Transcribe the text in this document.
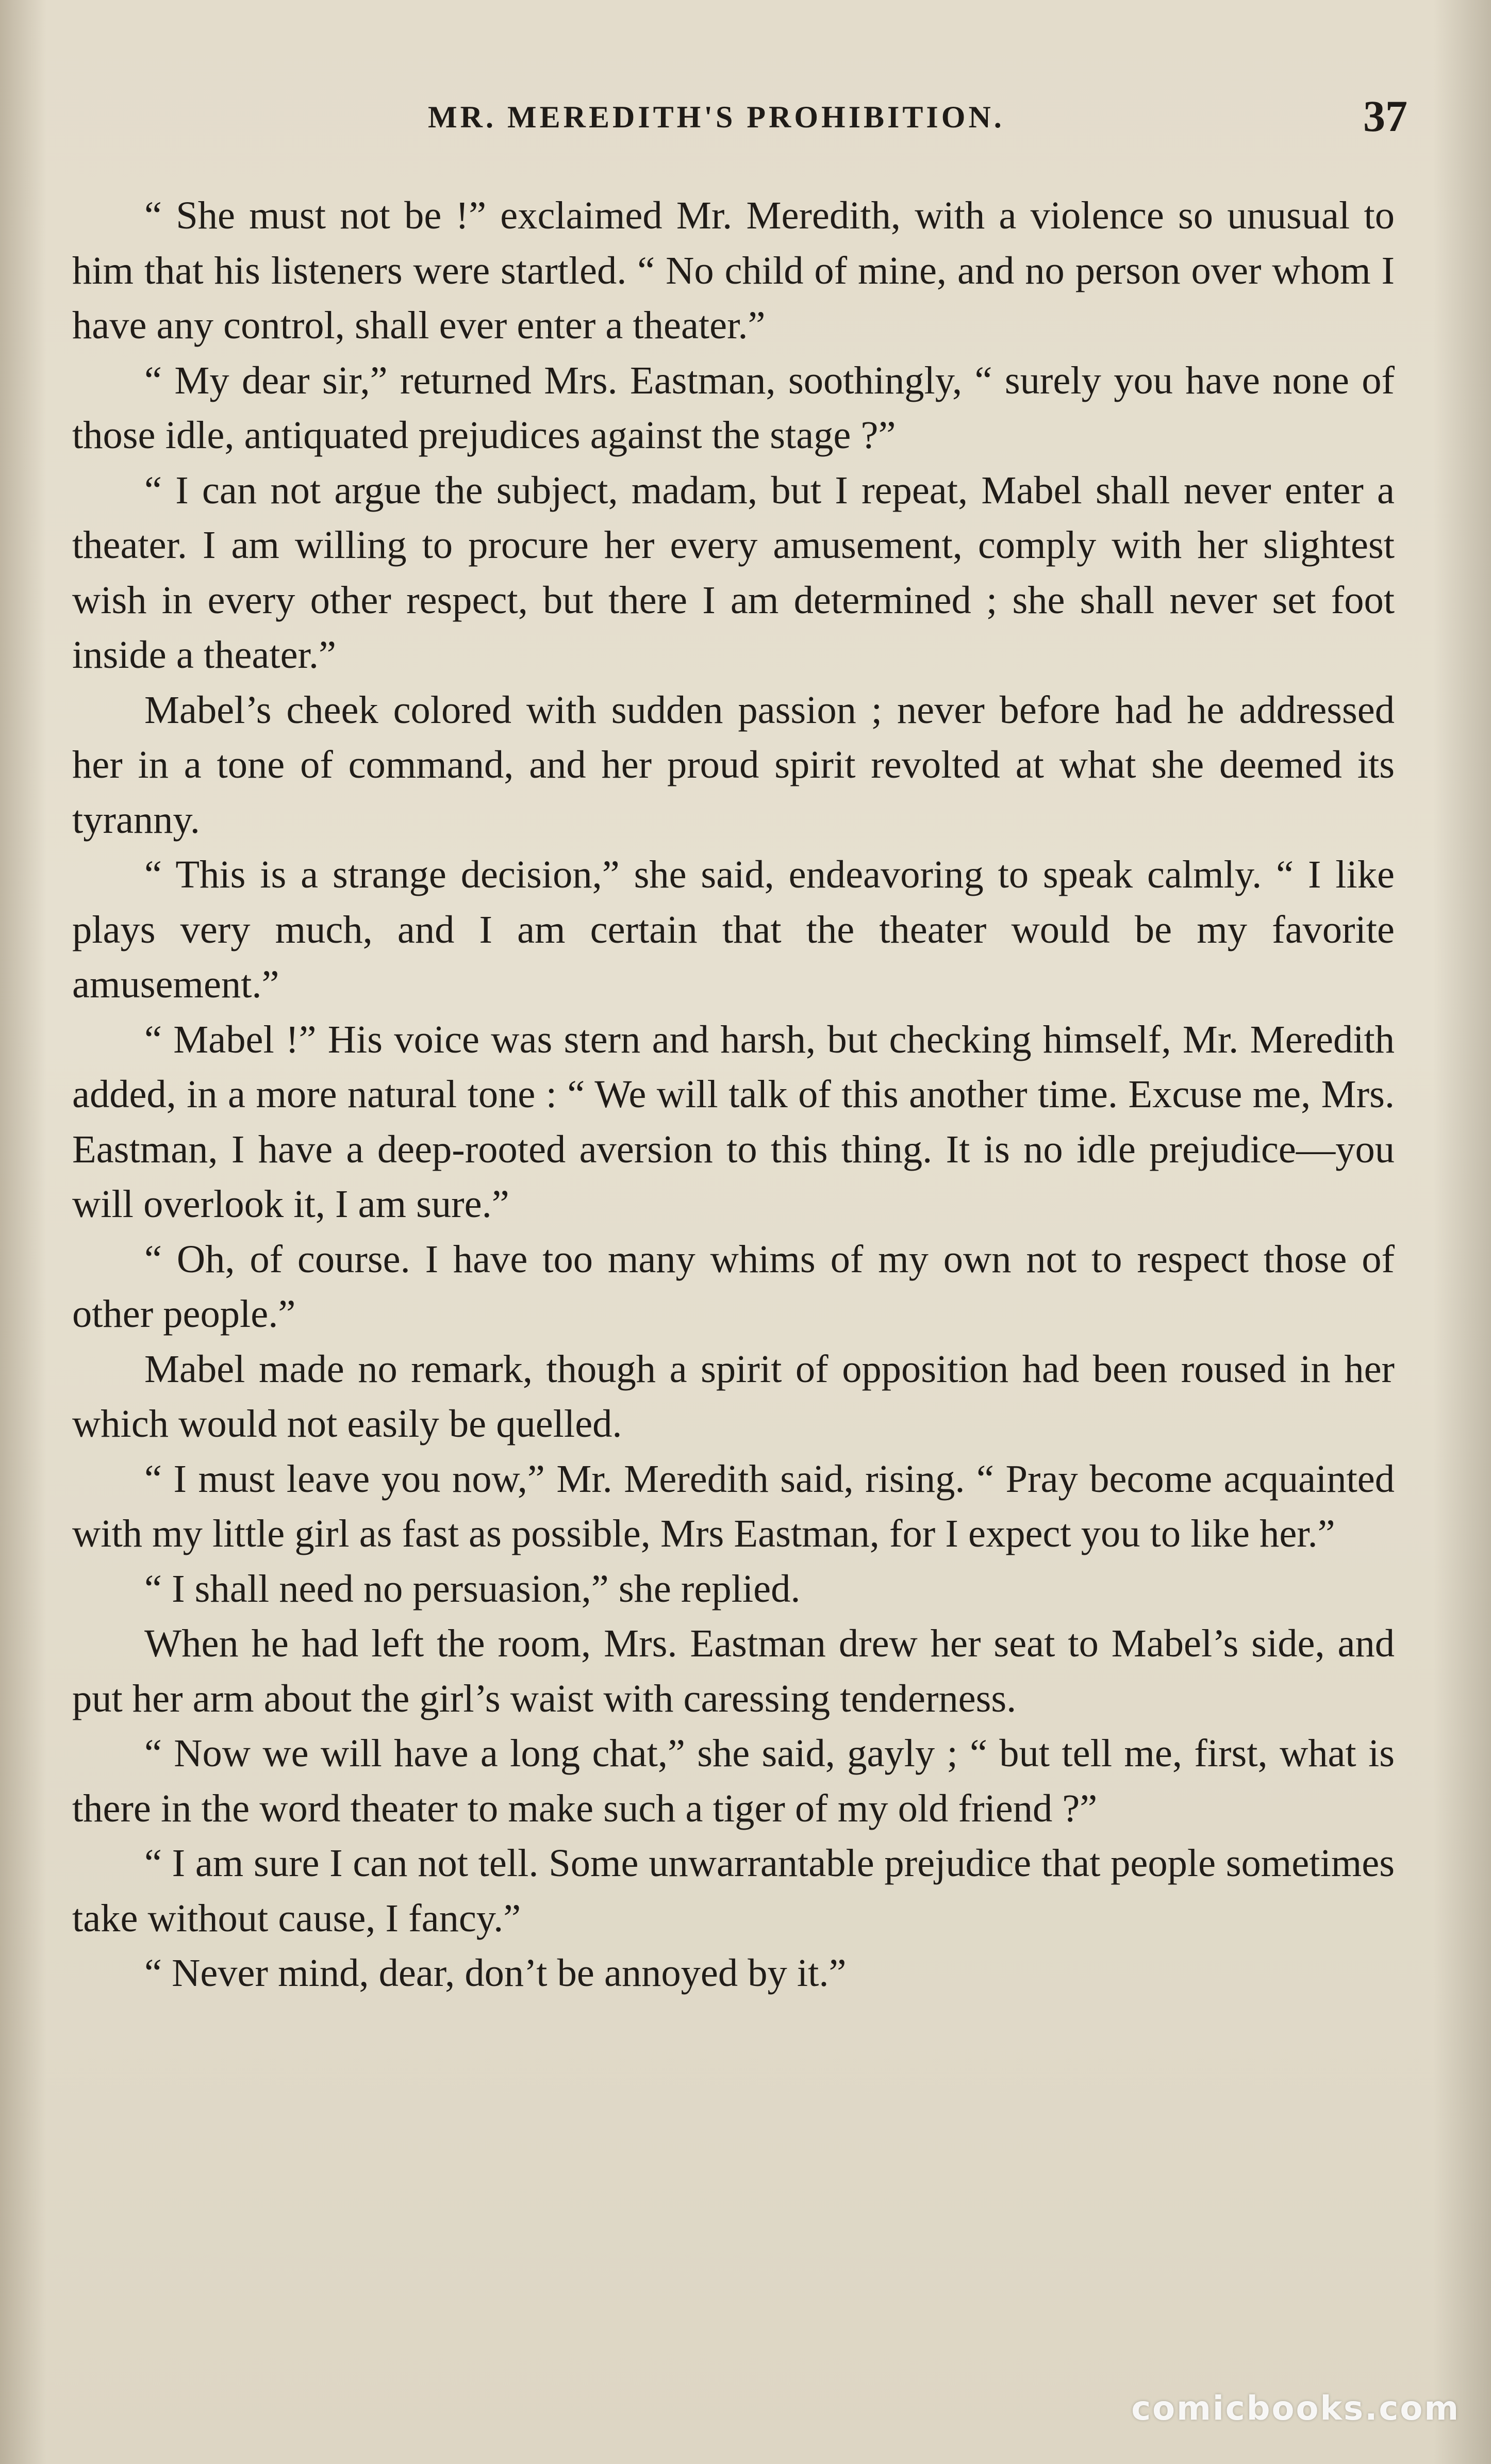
MR. MEREDITH'S PROHIBITION.	37

“ She must not be !” exclaimed Mr. Meredith, with a violence so unusual to him that his listeners were startled. “ No child of mine, and no person over whom I have any control, shall ever enter a theater.”

“ My dear sir,” returned Mrs. Eastman, soothingly, “ surely you have none of those idle, antiquated prejudices against the stage ?”

“ I can not argue the subject, madam, but I repeat, Mabel shall never enter a theater. I am willing to procure her every amusement, comply with her slightest wish in every other respect, but there I am determined ; she shall never set foot inside a theater.”

Mabel’s cheek colored with sudden passion ; never before had he addressed her in a tone of command, and her proud spirit revolted at what she deemed its tyranny.

“ This is a strange decision,” she said, endeavoring to speak calmly. “ I like plays very much, and I am certain that the theater would be my favorite amusement.”

“ Mabel !” His voice was stern and harsh, but checking himself, Mr. Meredith added, in a more natural tone : “ We will talk of this another time. Excuse me, Mrs. Eastman, I have a deep-rooted aversion to this thing. It is no idle prejudice—you will overlook it, I am sure.”

“ Oh, of course. I have too many whims of my own not to respect those of other people.”

Mabel made no remark, though a spirit of opposition had been roused in her which would not easily be quelled.

“ I must leave you now,” Mr. Meredith said, rising. “ Pray become acquainted with my little girl as fast as possible, Mrs Eastman, for I expect you to like her.”

“ I shall need no persuasion,” she replied.

When he had left the room, Mrs. Eastman drew her seat to Mabel’s side, and put her arm about the girl’s waist with caressing tenderness.

“ Now we will have a long chat,” she said, gayly ; “ but tell me, first, what is there in the word theater to make such a tiger of my old friend ?”

“ I am sure I can not tell. Some unwarrantable prejudice that people sometimes take without cause, I fancy.”

“ Never mind, dear, don’t be annoyed by it.”

comicbooks.com
